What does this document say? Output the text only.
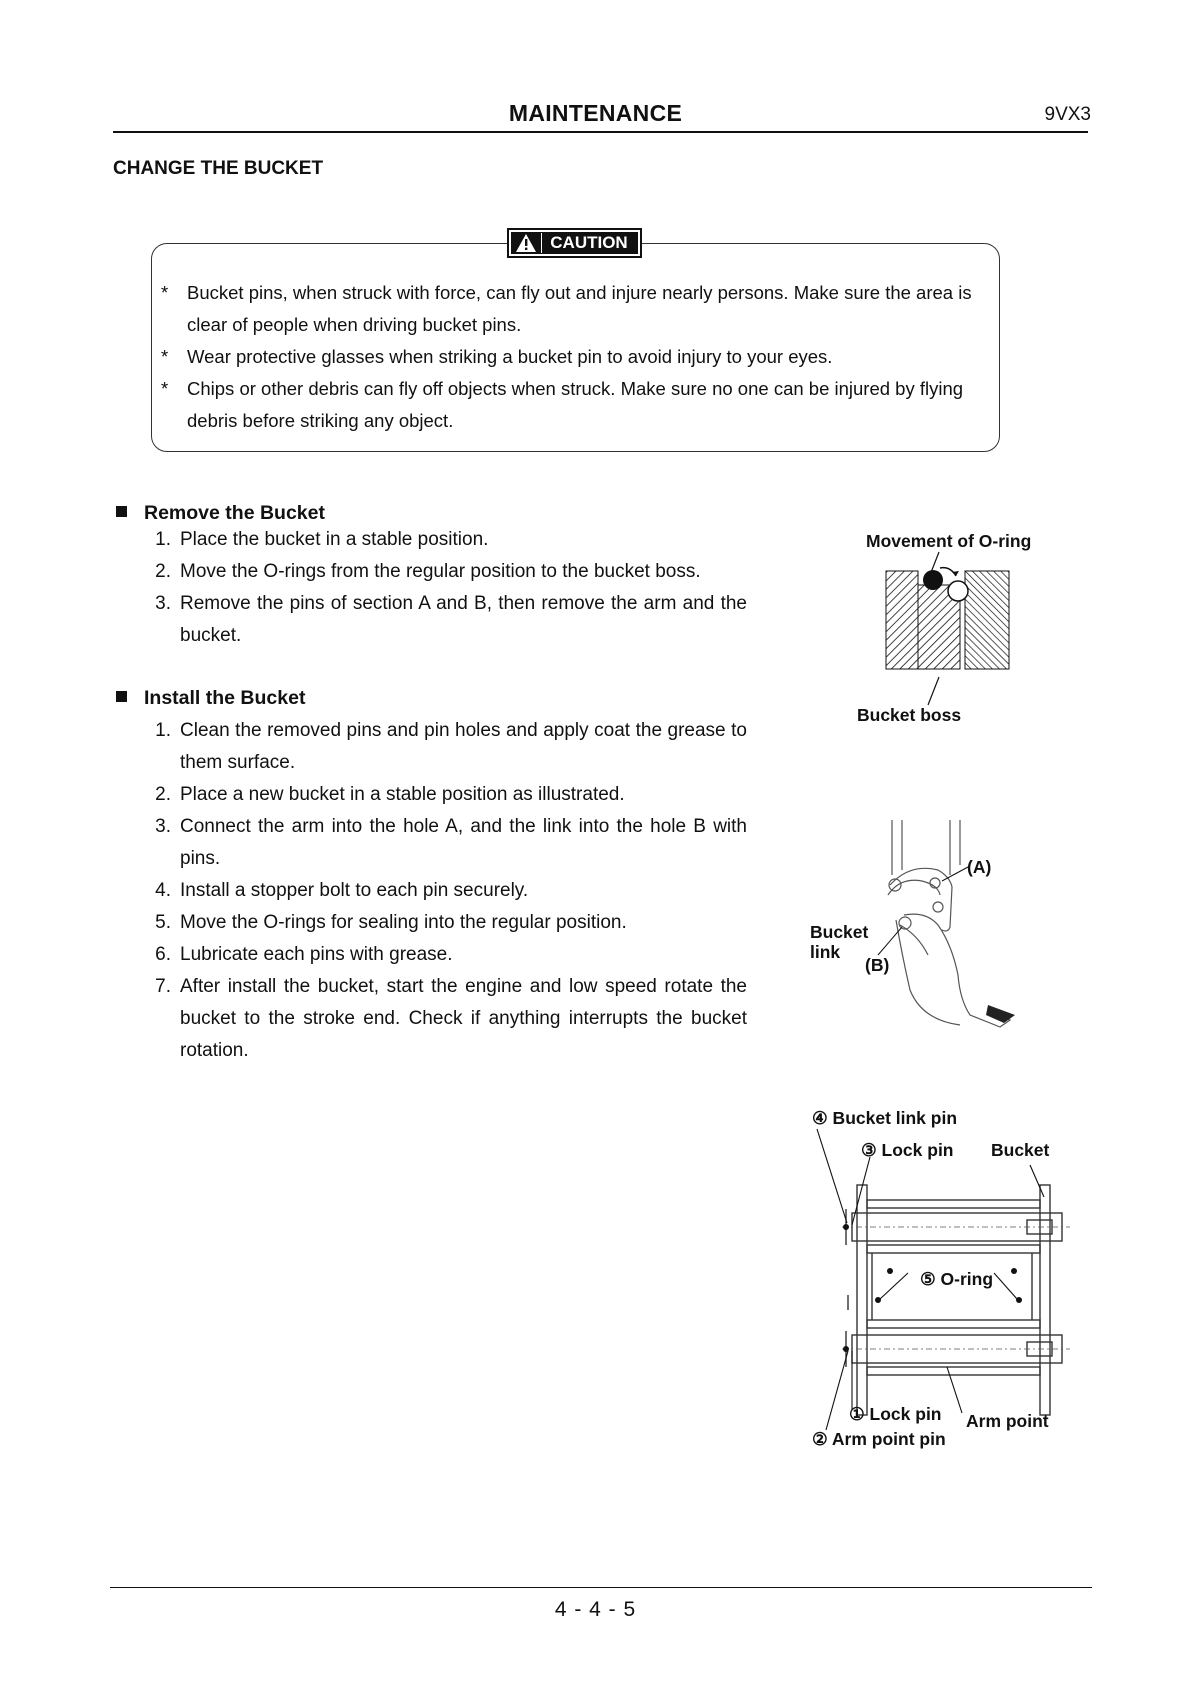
MAINTENANCE	9VX3
CHANGE THE BUCKET
CAUTION
* Bucket pins, when struck with force, can fly out and injure nearly persons. Make sure the area is clear of people when driving bucket pins.
* Wear protective glasses when striking a bucket pin to avoid injury to your eyes.
* Chips or other debris can fly off objects when struck. Make sure no one can be injured by flying debris before striking any object.
Remove the Bucket
1. Place the bucket in a stable position.
2. Move the O-rings from the regular position to the bucket boss.
3. Remove the pins of section A and B, then remove the arm and the bucket.
Install the Bucket
1. Clean the removed pins and pin holes and apply coat the grease to them surface.
2. Place a new bucket in a stable position as illustrated.
3. Connect the arm into the hole A, and the link into the hole B with pins.
4. Install a stopper bolt to each pin securely.
5. Move the O-rings for sealing into the regular position.
6. Lubricate each pins with grease.
7. After install the bucket, start the engine and low speed rotate the bucket to the stroke end. Check if anything interrupts the bucket rotation.
Movement of O-ring
Bucket boss
(A)
(B)
Bucket
link
④ Bucket link pin
③ Lock pin Bucket
⑤ O-ring
① Lock pin Arm point
② Arm point pin
4 - 4 - 5
